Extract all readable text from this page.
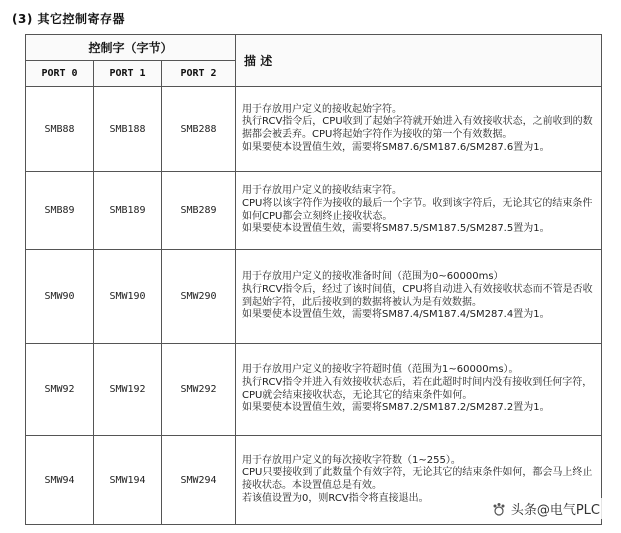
(3) 其它控制寄存器
控制字（字节）			描 述
PORT 0	PORT 1	PORT 2	
SMB88	SMB188	SMB288	用于存放用户定义的接收起始字符。
执行RCV指令后，CPU收到了起始字符就开始进入有效接收状态，之前收到的数据都会被丢弃。CPU将起始字符作为接收的第一个有效数据。
如果要使本设置值生效，需要将SM87.6/SM187.6/SM287.6置为1。

SMB89	SMB189	SMB289	用于存放用户定义的接收结束字符。
CPU将以该字符作为接收的最后一个字节。收到该字符后，无论其它的结束条件如何CPU都会立刻终止接收状态。
如果要使本设置值生效，需要将SM87.5/SM187.5/SM287.5置为1。

SMW90	SMW190	SMW290	用于存放用户定义的接收准备时间（范围为0~60000ms）
执行RCV指令后，经过了该时间值，CPU将自动进入有效接收状态而不管是否收到起始字符，此后接收到的数据将被认为是有效数据。
如果要使本设置值生效，需要将SM87.4/SM187.4/SM287.4置为1。

SMW92	SMW192	SMW292	用于存放用户定义的接收字符超时值（范围为1~60000ms）。
执行RCV指令并进入有效接收状态后，若在此超时时间内没有接收到任何字符，CPU就会结束接收状态，无论其它的结束条件如何。
如果要使本设置值生效，需要将SM87.2/SM187.2/SM287.2置为1。

SMW94	SMW194	SMW294	用于存放用户定义的每次接收字符数（1~255）。
CPU只要接收到了此数量个有效字符，无论其它的结束条件如何，都会马上终止接收状态。本设置值总是有效。
若该值设置为0，则RCV指令将直接退出。
头条@电气PLC
